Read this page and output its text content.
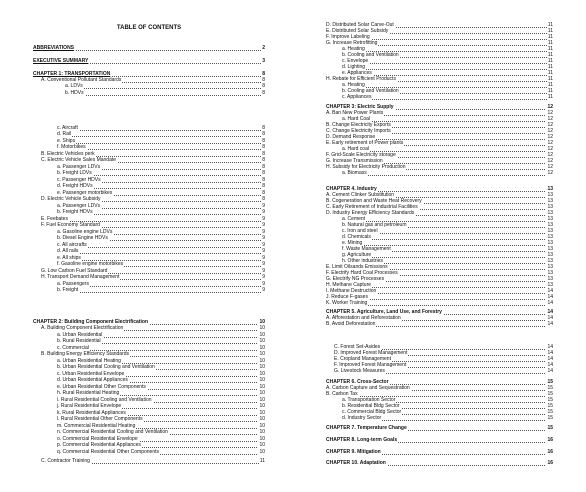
TABLE OF CONTENTS
ABBREVIATIONS	2
EXECUTIVE SUMMARY	3
CHAPTER 1: TRANSPORTATION	8
A. Conventional Pollutant Standards	8
a. LDVs	8
b. HDVs	8
c. Aircraft	8
d. Rail	8
e. Ships	8
f. Motorbikes	8
B. Electric Vehicles perk	8
C. Electric Vehicle Sales Mandate	8
a. Passenger LDVs	8
b. Freight LDVs	8
c. Passenger HDVs	8
d. Freight HDVs	8
e. Passenger motorbikes	8
D. Electric Vehicle Subsidy	8
a. Passenger LDVs	9
b. Freight HDVs	9
E. Feebates	9
F. Fuel Economy Standard	9
a. Gasoline engine LDVs	9
b. Diesel Engine HDVs	9
c. All aircrafts	9
d. All rails	9
e. All ships	9
f. Gasoline engine motorbikes	9
G. Low Carbon Fuel Standard	9
H. Transport Demand Management	9
a. Passengers	9
b. Freight	9
CHAPTER 2: Building Component Electrification	10
A. Building Component Electrification	10
a. Urban Residential	10
b. Rural Residential	10
c. Commercial	10
B. Building Energy Efficiency Standards	10
a. Urban Residential Heating	10
b. Urban Residential Cooling and Ventilation	10
c. Urban Residential Envelope	10
d. Urban Residential Appliances	10
e. Urban Residential Other Components	10
h. Rural Residential Heating	10
i. Rural Residential Cooling and Ventilation	10
j. Rural Residential Envelope	10
k. Rural Residential Appliances	10
l. Rural Residential Other Components	10
m. Commercial Residential Heating	10
n. Commercial Residential Cooling and Ventilation	10
o. Commercial Residential Envelope	10
p. Commercial Residential Appliances	10
q. Commercial Residential Other Components	10
C. Contractor Training	11
D. Distributed Solar Carve-Out	11
E. Distributed Solar Subsidy	11
F. Improve Labeling	11
G. Increase Retrofitting	11
a. Heating	11
b. Cooling and Ventilation	11
c. Envelope	11
d. Lighting	11
e. Appliances	11
H. Rebate for Efficient Products	11
a. Heating	11
b. Cooling and Ventilation	11
c. Appliances	11
CHAPTER 3: Electric Supply	12
A. Ban New Power Plants	12
a. Hard Coal	12
B. Change Electricity Exports	12
C. Change Electricity Imports	12
D. Demand Response	12
E. Early retirement of Power plants	12
a. Hard coal	12
F. Grid-Scale Electricity storage	12
G. Increase Transmission	12
H. Subsidy for Electricity Production	12
a. Biomass	12
CHAPTER 4. Industry	13
A. Cement Clinker Substitution	13
B. Cogeneration and Waste Heat Recovery	13
C. Early Retirement of Industrial Facilities	13
D. Industry Energy Efficiency Standards	13
a. Cement	13
b. Natural gas and petroleum	13
c. Iron and steel	13
d. Chemicals	13
e. Mining	13
f. Waste Management	13
g. Agriculture	13
h. Other industries	13
E. Limit Oilsands Emissions	13
F. Electrify Hard Coal Processes	13
G. Electrify NG Processes	13
H. Methane Capture	13
I. Methane Destruction	14
J. Reduce F-gases	14
K. Worker Training	14
CHAPTER 5. Agriculture, Land Use, and Forestry	14
A. Afforestation and Reforestation	14
B. Avoid Deforestation	14
C. Forest Set-Asides	14
D. Improved Forest Management	14
E. Cropland Management	14
F. Improved Forest Management	14
G. Livestock Measures	14
CHAPTER 6. Cross-Sector	15
A. Carbon Capture and Sequestration	15
B. Carbon Tax	15
a. Transportation Sector	15
b. Residential Bldg Sector	15
c. Commercial Bldg Sector	15
d. Industry Sector	15
CHAPTER 7. Temperature Change	15
CHAPTER 8. Long-term Goals	16
CHAPTER 9. Mitigation	16
CHAPTER 10. Adaptation	16
